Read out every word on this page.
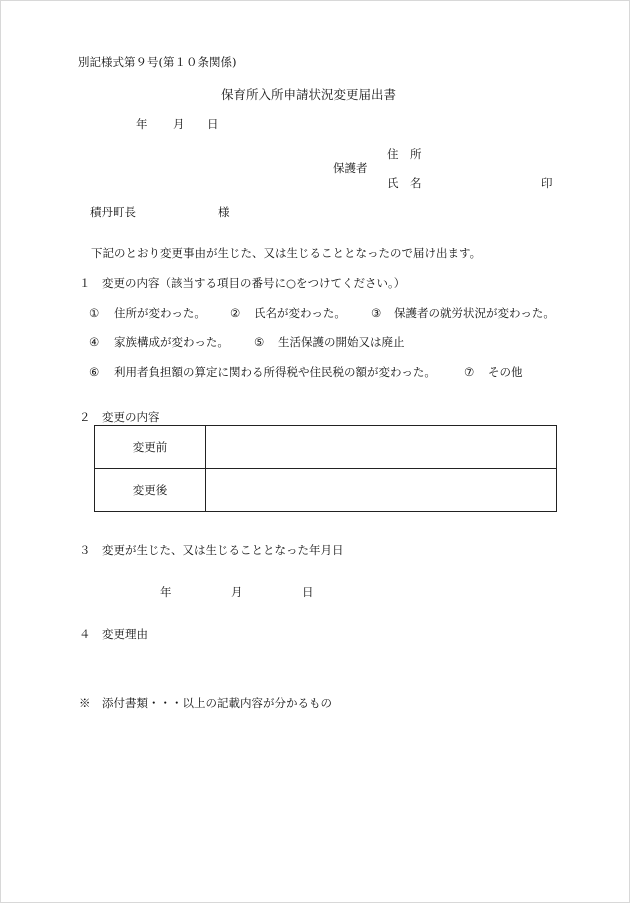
別記様式第９号(第１０条関係)
保育所入所申請状況変更届出書
年 月 日
住　所
保護者
氏　名	印
積丹町長	様
下記のとおり変更事由が生じた、又は生じることとなったので届け出ます。
１　変更の内容（該当する項目の番号に○をつけてください。）
① 住所が変わった。 ② 氏名が変わった。 ③ 保護者の就労状況が変わった。
④ 家族構成が変わった。 ⑤ 生活保護の開始又は廃止
⑥ 利用者負担額の算定に関わる所得税や住民税の額が変わった。 ⑦ その他
２　変更の内容
変更前	
変更後	
３　変更が生じた、又は生じることとなった年月日
年	月	日
４　変更理由
※　添付書類・・・以上の記載内容が分かるもの
